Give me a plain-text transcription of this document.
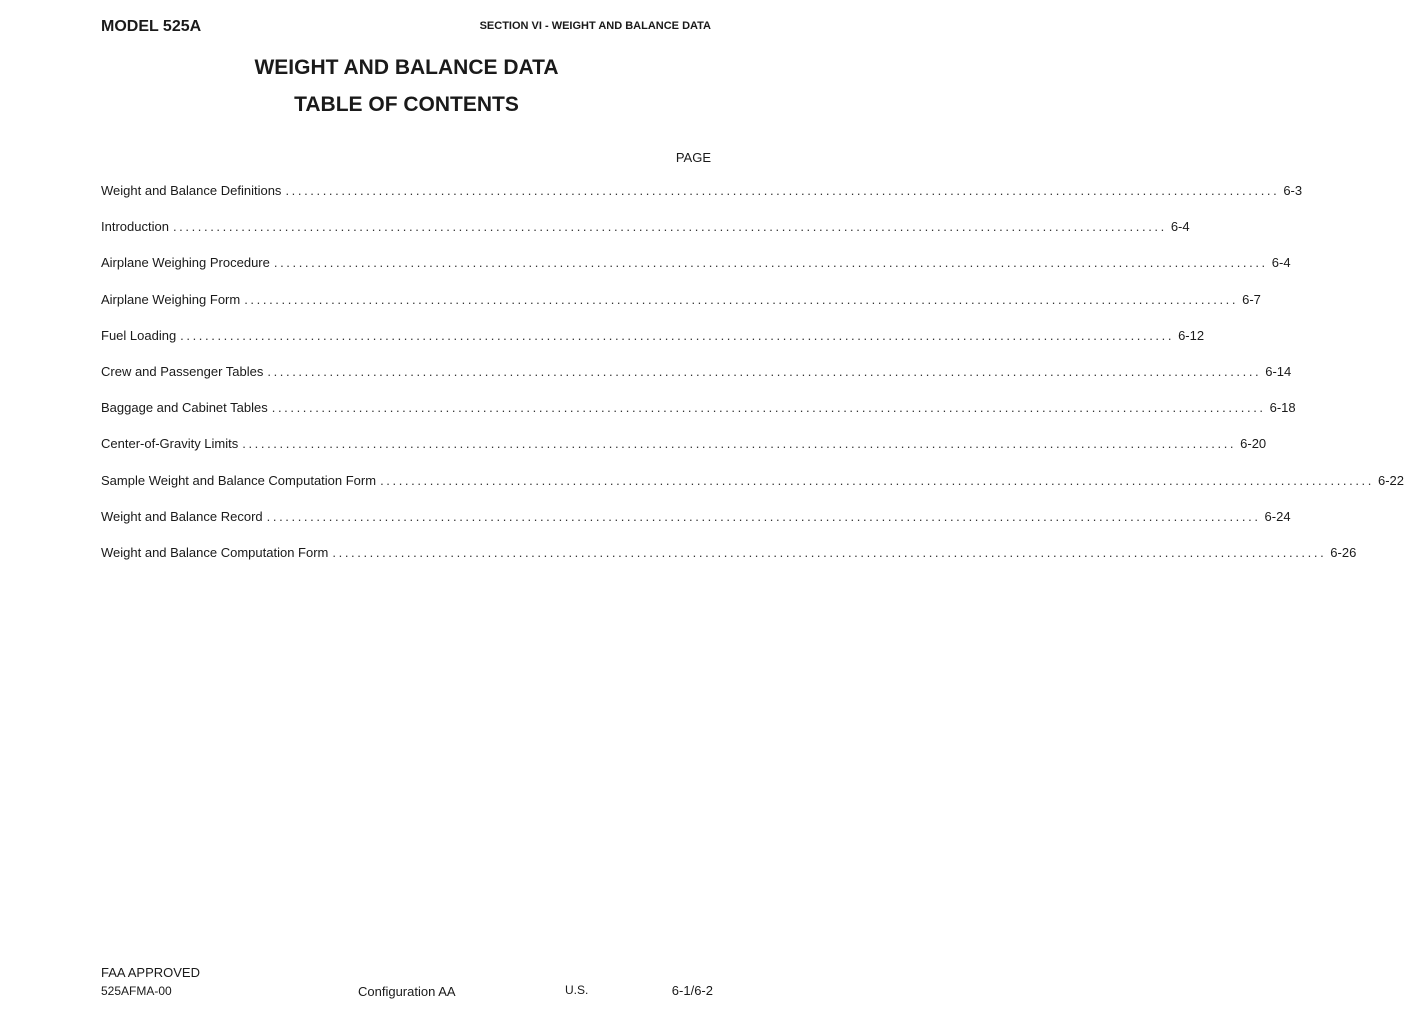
MODEL 525A	SECTION VI - WEIGHT AND BALANCE DATA
WEIGHT AND BALANCE DATA
TABLE OF CONTENTS
PAGE
Weight and Balance Definitions ................................................................................................................................................................ 6-3
Introduction ................................................................................................................................................................ 6-4
Airplane Weighing Procedure ................................................................................................................................................................ 6-4
Airplane Weighing Form ................................................................................................................................................................ 6-7
Fuel Loading ................................................................................................................................................................ 6-12
Crew and Passenger Tables ................................................................................................................................................................ 6-14
Baggage and Cabinet Tables ................................................................................................................................................................ 6-18
Center-of-Gravity Limits ................................................................................................................................................................ 6-20
Sample Weight and Balance Computation Form ................................................................................................................................................................ 6-22
Weight and Balance Record ................................................................................................................................................................ 6-24
Weight and Balance Computation Form ................................................................................................................................................................ 6-26
FAA APPROVED
525AFMA-00	Configuration AA	U.S.	6-1/6-2
